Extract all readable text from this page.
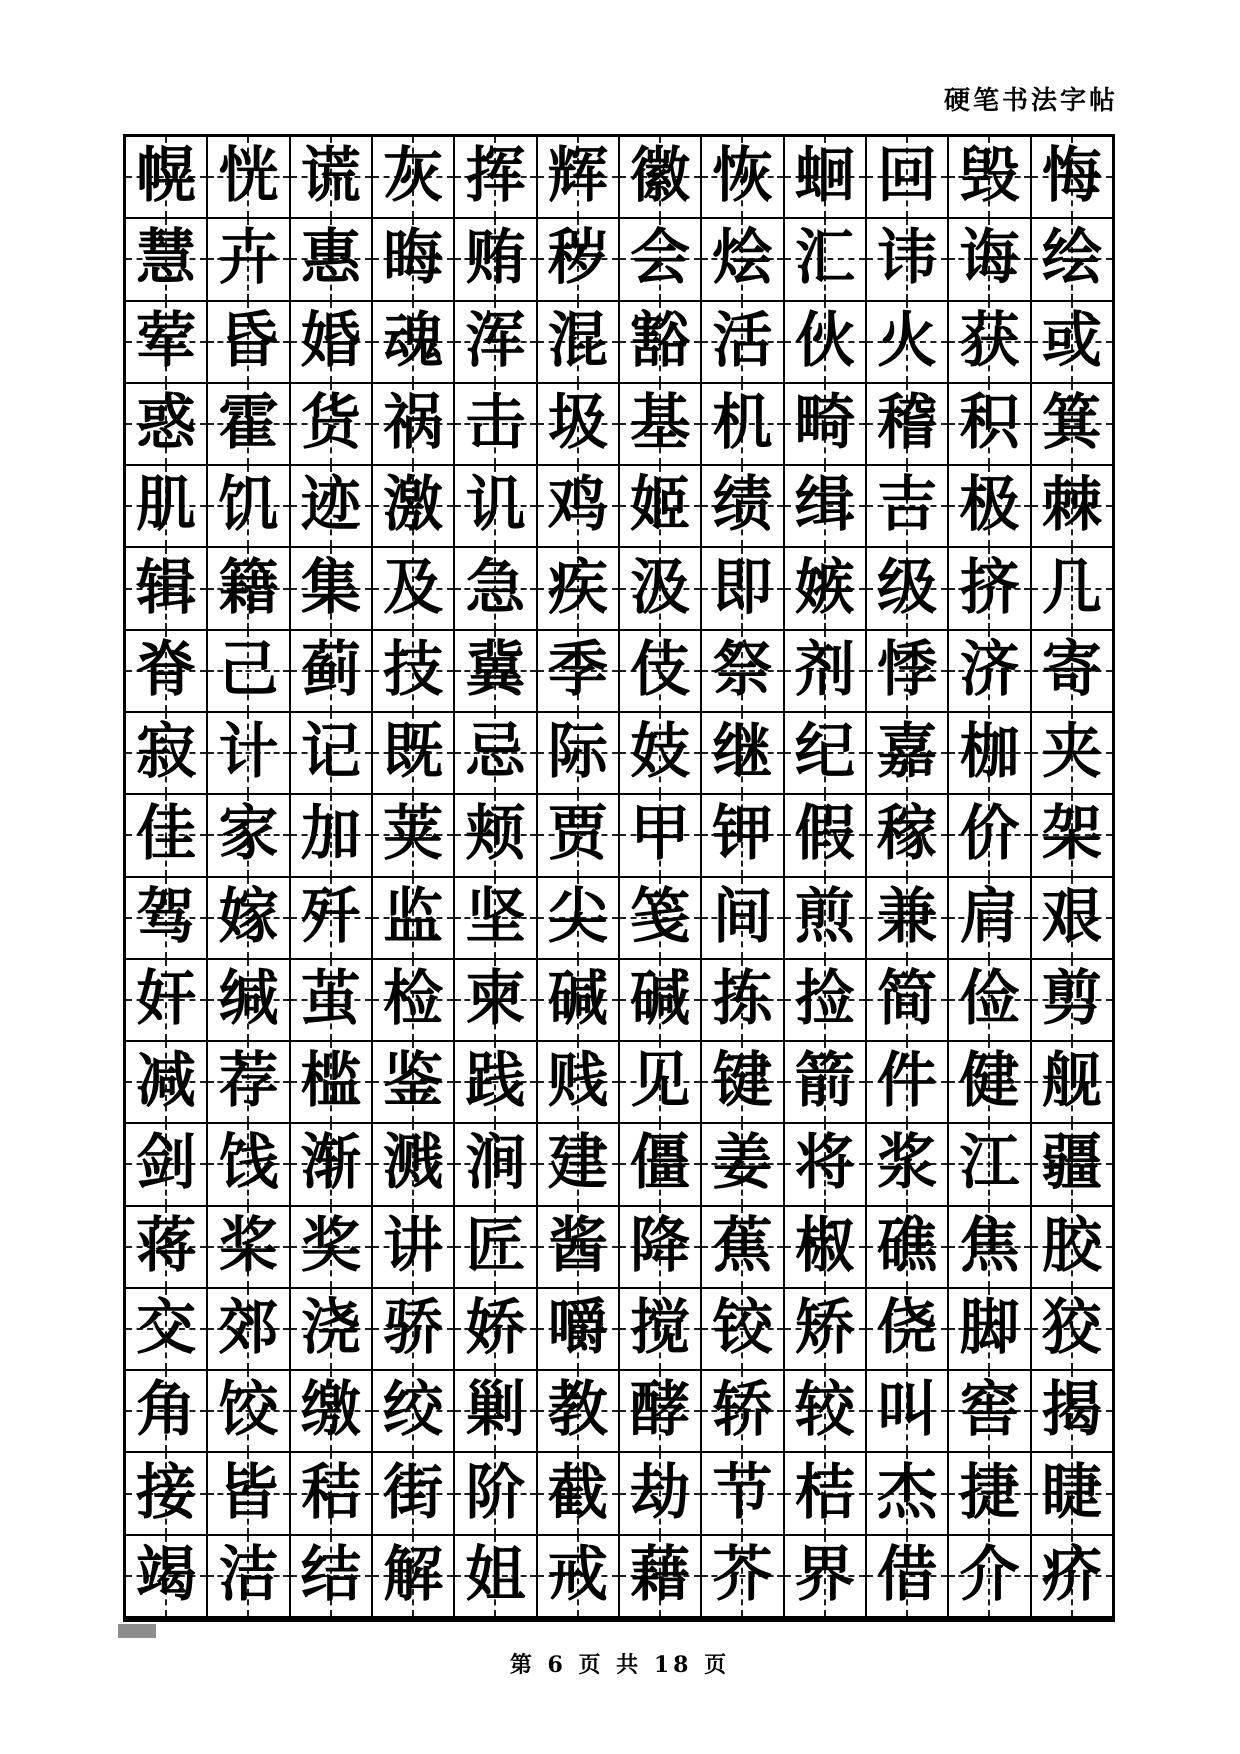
硬笔书法字帖
幌 恍 谎 灰 挥 辉 徽 恢 蛔 回 毁 悔
慧 卉 惠 晦 贿 秽 会 烩 汇 讳 诲 绘
荤 昏 婚 魂 浑 混 豁 活 伙 火 获 或
惑 霍 货 祸 击 圾 基 机 畸 稽 积 箕
肌 饥 迹 激 讥 鸡 姬 绩 缉 吉 极 棘
辑 籍 集 及 急 疾 汲 即 嫉 级 挤 几
脊 己 蓟 技 冀 季 伎 祭 剂 悸 济 寄
寂 计 记 既 忌 际 妓 继 纪 嘉 枷 夹
佳 家 加 荚 颊 贾 甲 钾 假 稼 价 架
驾 嫁 歼 监 坚 尖 笺 间 煎 兼 肩 艰
奸 缄 茧 检 柬 碱 碱 拣 捡 简 俭 剪
减 荐 槛 鉴 践 贱 见 键 箭 件 健 舰
剑 饯 渐 溅 涧 建 僵 姜 将 浆 江 疆
蒋 桨 奖 讲 匠 酱 降 蕉 椒 礁 焦 胶
交 郊 浇 骄 娇 嚼 搅 铰 矫 侥 脚 狡
角 饺 缴 绞 剿 教 酵 轿 较 叫 窖 揭
接 皆 秸 街 阶 截 劫 节 桔 杰 捷 睫
竭 洁 结 解 姐 戒 藉 芥 界 借 介 疥
第 6 页 共 18 页
